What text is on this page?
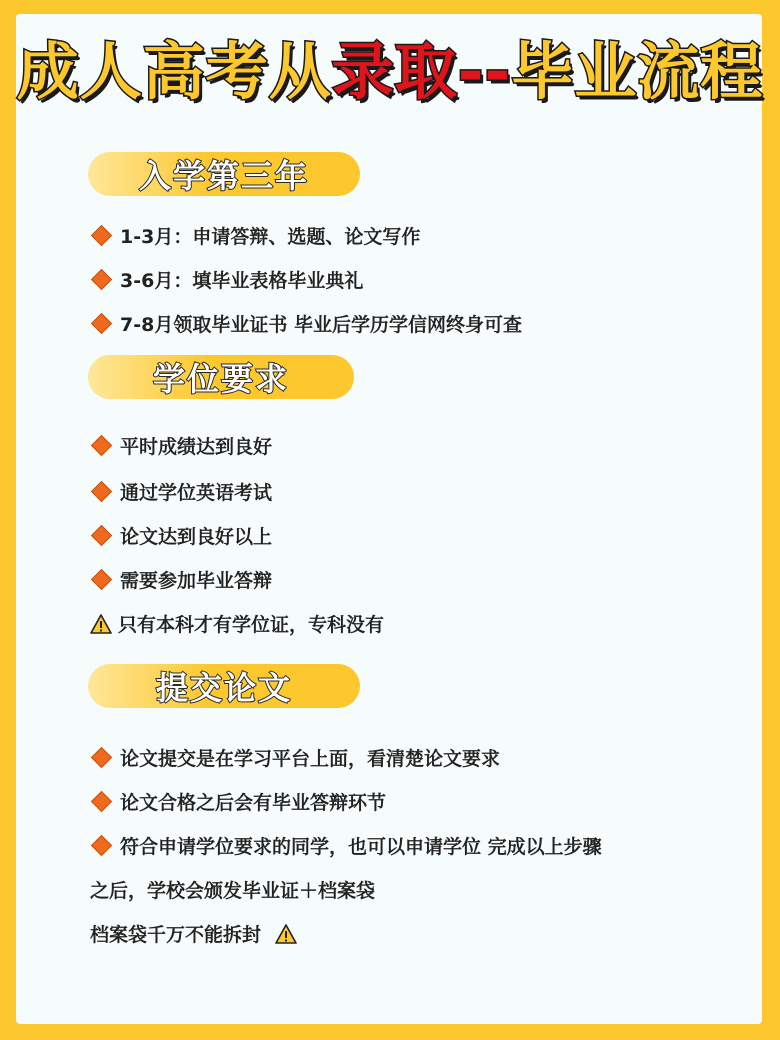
成人高考从录取--毕业流程
入学第三年
1-3月：申请答辩、选题、论文写作
3-6月：填毕业表格毕业典礼
7-8月领取毕业证书 毕业后学历学信网终身可查
学位要求
平时成绩达到良好
通过学位英语考试
论文达到良好以上
需要参加毕业答辩
只有本科才有学位证，专科没有
提交论文
论文提交是在学习平台上面，看清楚论文要求
论文合格之后会有毕业答辩环节
符合申请学位要求的同学，也可以申请学位 完成以上步骤
之后，学校会颁发毕业证＋档案袋
档案袋千万不能拆封
